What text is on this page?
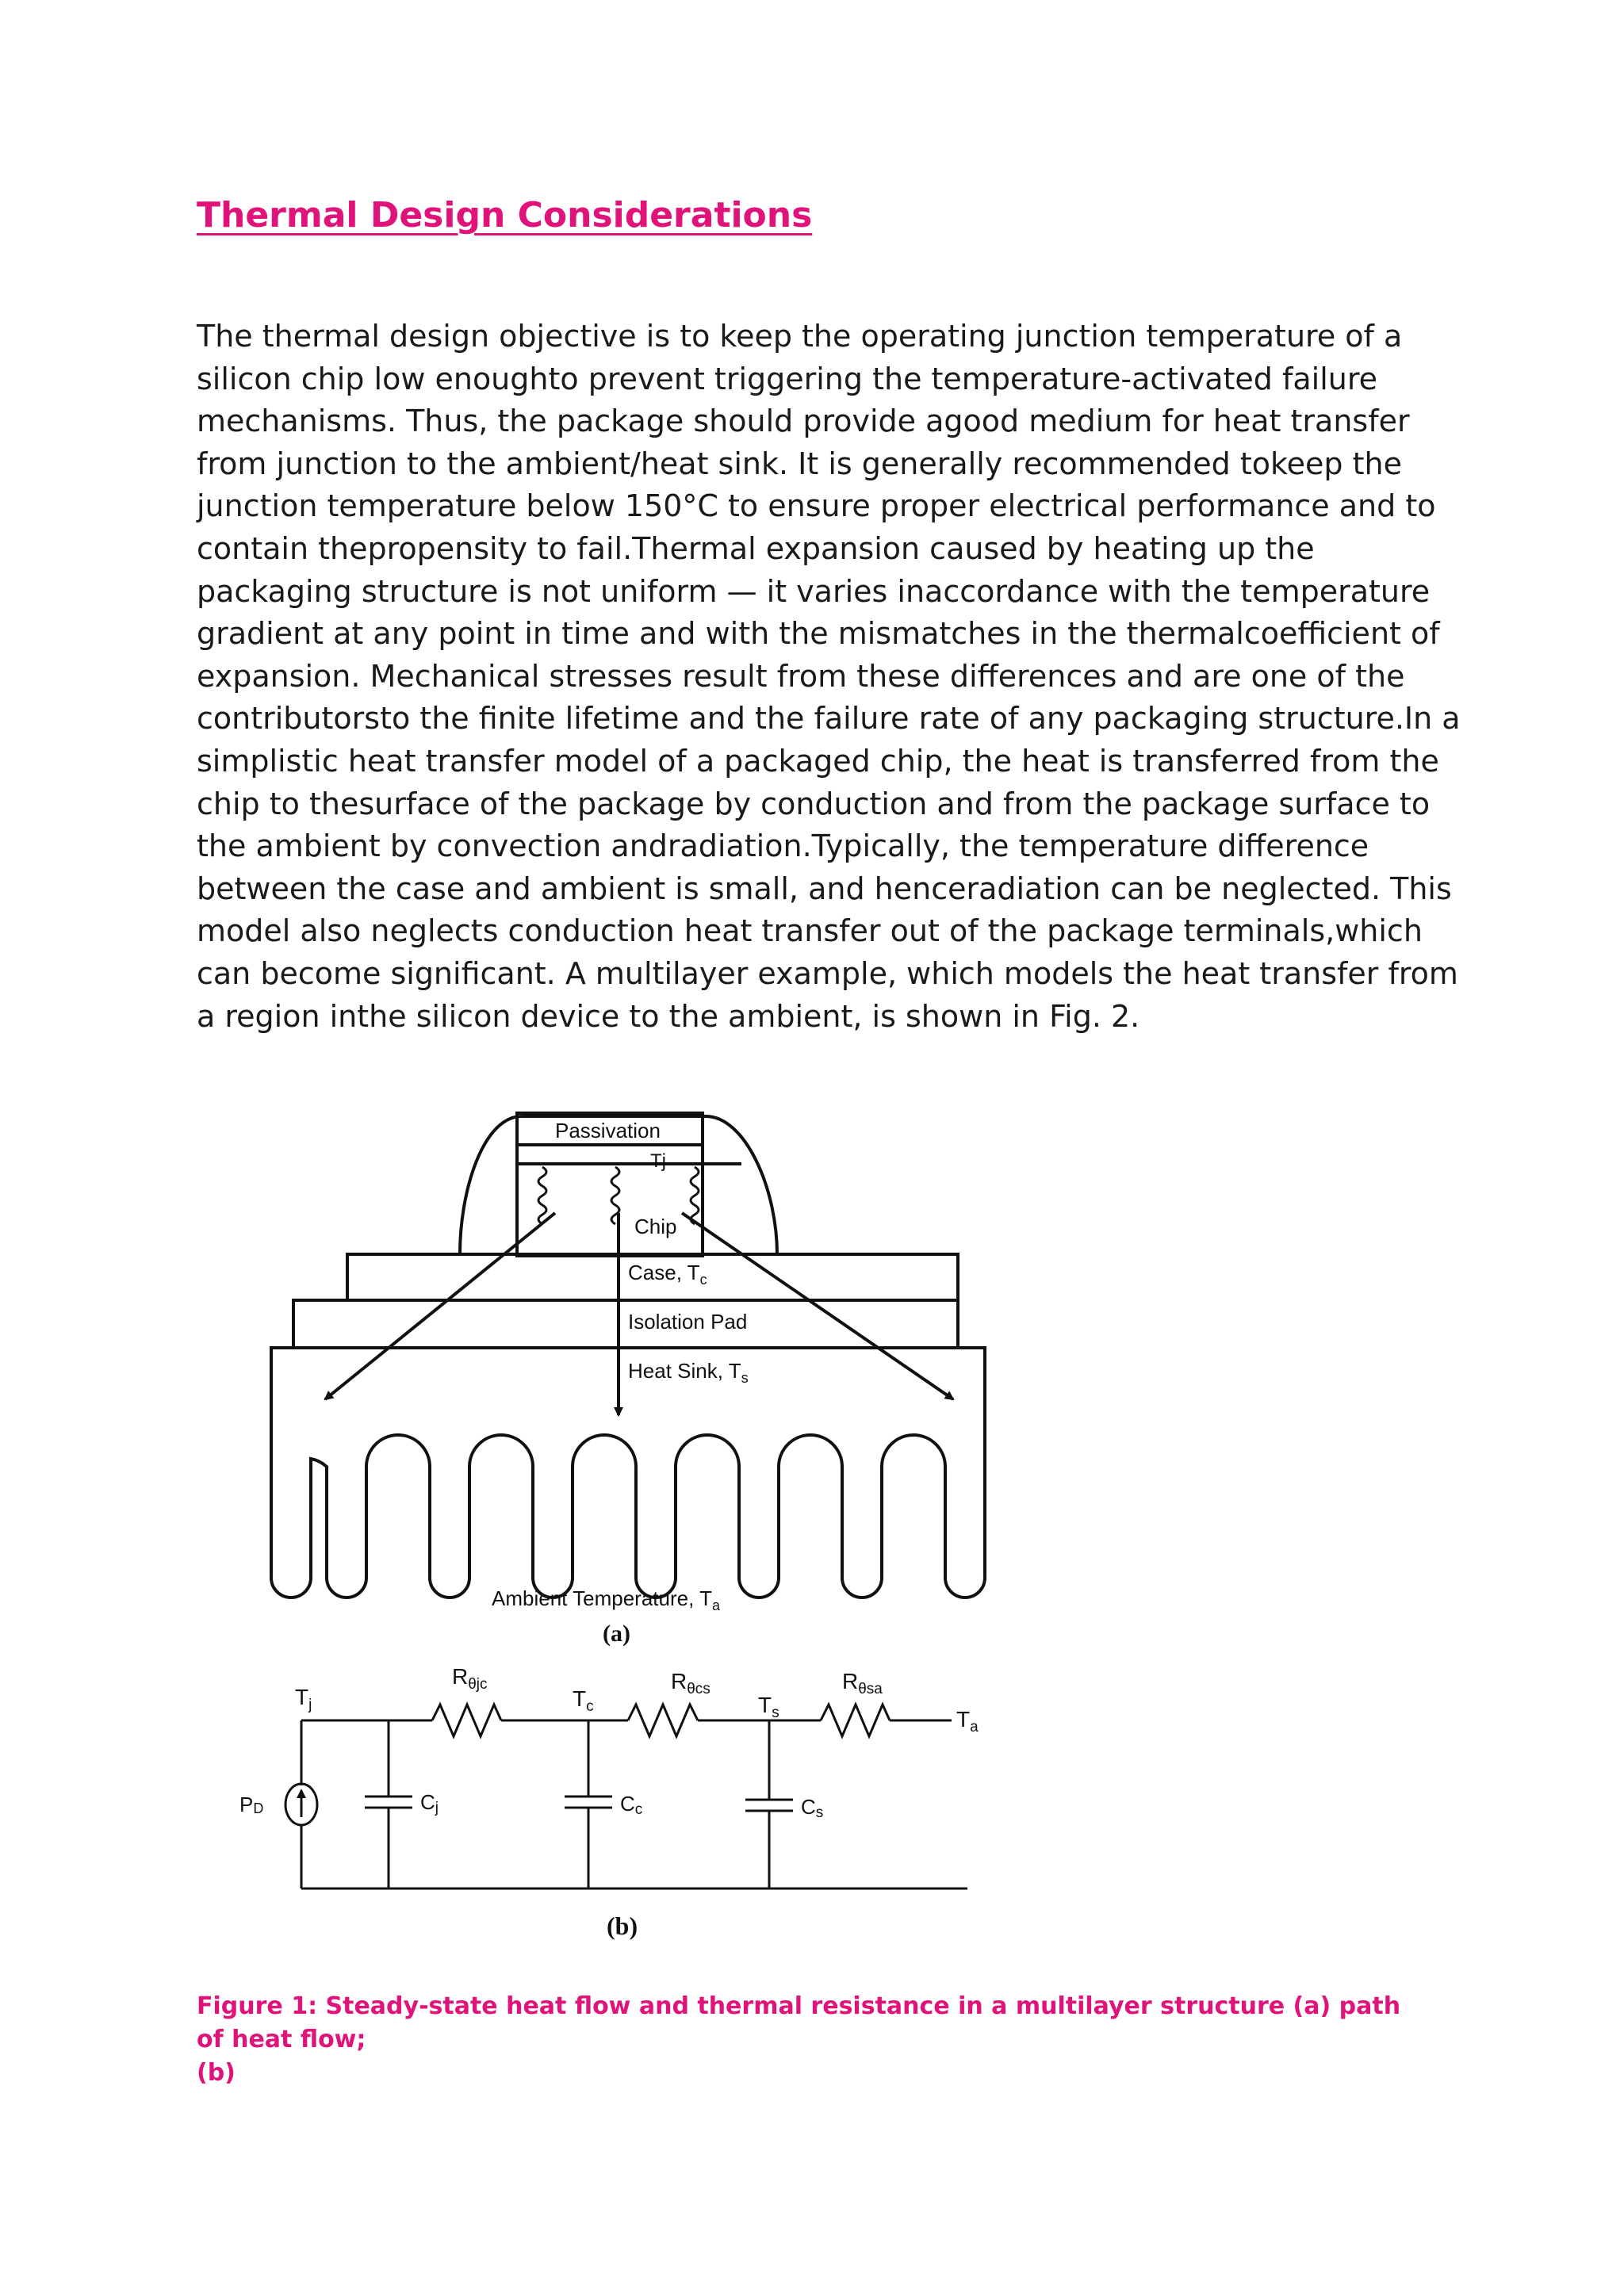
Thermal Design Considerations
The thermal design objective is to keep the operating junction temperature of a
silicon chip low enoughto prevent triggering the temperature-activated failure
mechanisms. Thus, the package should provide agood medium for heat transfer
from junction to the ambient/heat sink. It is generally recommended tokeep the
junction temperature below 150°C to ensure proper electrical performance and to
contain thepropensity to fail.Thermal expansion caused by heating up the
packaging structure is not uniform — it varies inaccordance with the temperature
gradient at any point in time and with the mismatches in the thermalcoefficient of
expansion. Mechanical stresses result from these differences and are one of the
contributorsto the finite lifetime and the failure rate of any packaging structure.In a
simplistic heat transfer model of a packaged chip, the heat is transferred from the
chip to thesurface of the package by conduction and from the package surface to
the ambient by convection andradiation.Typically, the temperature difference
between the case and ambient is small, and henceradiation can be neglected. This
model also neglects conduction heat transfer out of the package terminals,which
can become significant. A multilayer example, which models the heat transfer from
a region inthe silicon device to the ambient, is shown in Fig. 2.
Passivation
Tj
Chip
Case, $T_c$
Isolation Pad
Heat Sink, $T_s$
Ambient Temperature, $T_a$
(a)
$T_j$
PD	Cj
$R_{\theta jc}$
$T_c$
Cc
$R_{\theta cs}$
$T_s$
Cs
$R_{\theta sa}$
$T_a$
(b)
Figure 1: Steady-state heat flow and thermal resistance in a multilayer structure (a) path of heat flow;
(b)
